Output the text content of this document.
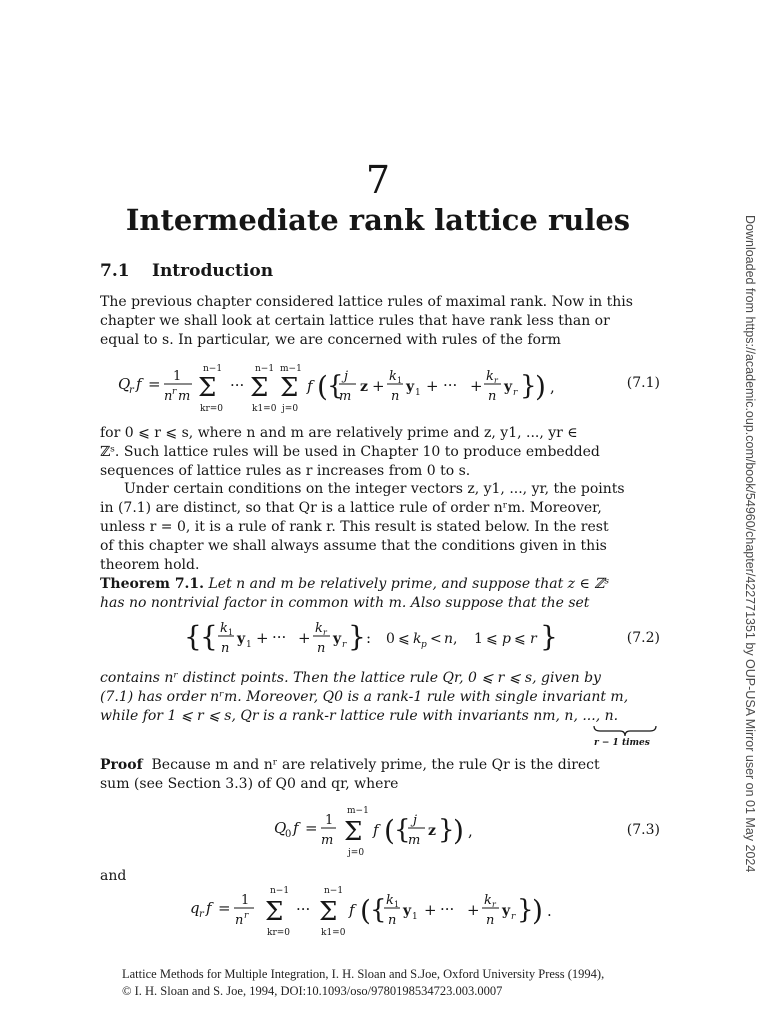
7
Intermediate rank lattice rules
7.1 Introduction

The previous chapter considered lattice rules of maximal rank. Now in this
chapter we shall look at certain lattice rules that have rank less than or
equal to s. In particular, we are concerned with rules of the form

Q
r f = 1
n r m
n−1
Σ
kr=0
···
n−1
Σ
k1=0
m−1
Σ
j=0
f ( { j
m
z +
k 1
n
y 1 + ··· +
k r
n
y r }
) ,	(7.1)

for 0 ⩽ r ⩽ s, where n and m are relatively prime and z, y1, ..., yr ∈
ℤˢ. Such lattice rules will be used in Chapter 10 to produce embedded
sequences of lattice rules as r increases from 0 to s.

Under certain conditions on the integer vectors z, y1, ..., yr, the points
in (7.1) are distinct, so that Qr is a lattice rule of order nʳm. Moreover,
unless r = 0, it is a rule of rank r. This result is stated below. In the rest
of this chapter we shall always assume that the conditions given in this
theorem hold.

Theorem 7.1. Let n and m be relatively prime, and suppose that z ∈ ℤˢ
has no nontrivial factor in common with m. Also suppose that the set

{
{ k 1
n
y 1 + ··· +
k r
n
y r } : 0 ⩽ k p < n , 1 ⩽ p ⩽ r }	(7.2)

contains nʳ distinct points. Then the lattice rule Qr, 0 ⩽ r ⩽ s, given by
(7.1) has order nʳm. Moreover, Q0 is a rank-1 rule with single invariant m,
while for 1 ⩽ r ⩽ s, Qr is a rank-r lattice rule with invariants nm, n, ..., n.

r − 1 times

Proof Because m and nʳ are relatively prime, the rule Qr is the direct
sum (see Section 3.3) of Q0 and qr, where

Q
0 f = 1
m
m−1
Σ
j=0
f ( { j
m
z }
) ,	(7.3)
and
q r f = 1
n r
n−1
Σ
kr=0
···
n−1
Σ
k1=0
f ( { k 1
n
y 1 + ··· +
k r
n
y r }
) .
Downloaded from https://academic.oup.com/book/54960/chapter/422771351 by OUP-USA Mirror user on 01 May 2024
Lattice Methods for Multiple Integration, I. H. Sloan and S.Joe, Oxford University Press (1994),
© I. H. Sloan and S. Joe, 1994, DOI:10.1093/oso/9780198534723.003.0007
